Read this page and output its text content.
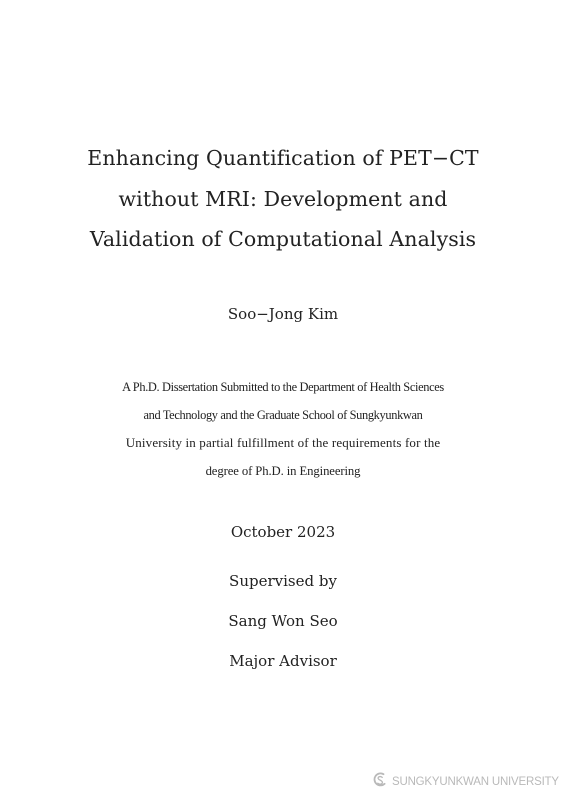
Enhancing Quantification of PET−CT
without MRI: Development and
Validation of Computational Analysis
Soo−Jong Kim
A Ph.D. Dissertation Submitted to the Department of Health Sciences
and Technology and the Graduate School of Sungkyunkwan
University in partial fulfillment of the requirements for the
degree of Ph.D. in Engineering
October 2023
Supervised by
Sang Won Seo
Major Advisor
SUNGKYUNKWAN UNIVERSITY
